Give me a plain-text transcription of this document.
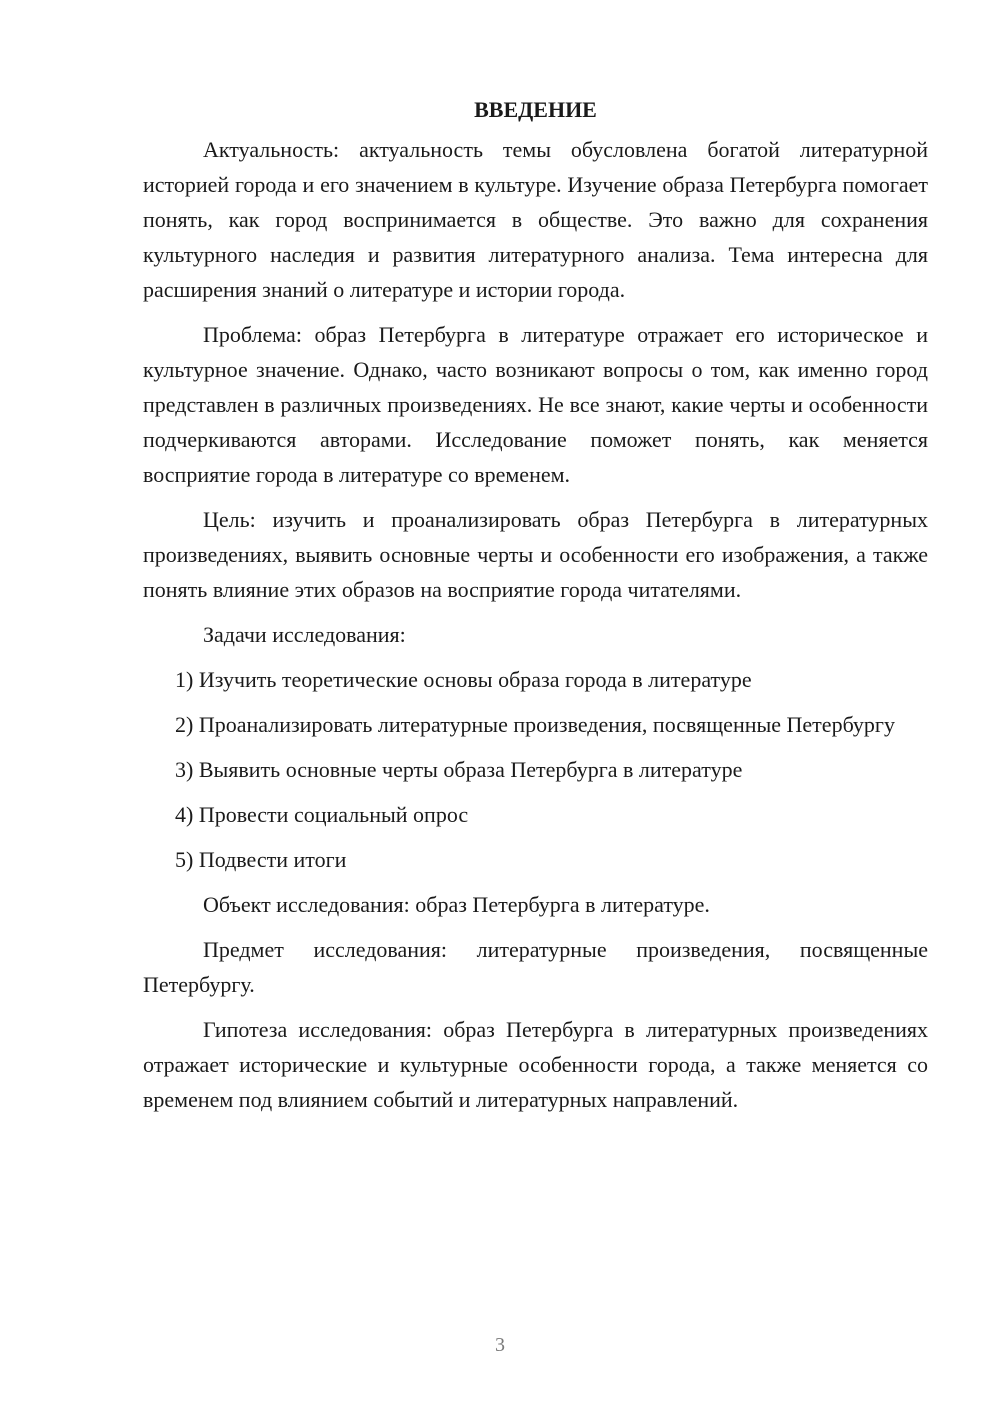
ВВЕДЕНИЕ

Актуальность: актуальность темы обусловлена богатой литературной историей города и его значением в культуре. Изучение образа Петербурга помогает понять, как город воспринимается в обществе. Это важно для сохранения культурного наследия и развития литературного анализа. Тема интересна для расширения знаний о литературе и истории города.

Проблема: образ Петербурга в литературе отражает его историческое и культурное значение. Однако, часто возникают вопросы о том, как именно город представлен в различных произведениях. Не все знают, какие черты и особенности подчеркиваются авторами. Исследование поможет понять, как меняется восприятие города в литературе со временем.

Цель: изучить и проанализировать образ Петербурга в литературных произведениях, выявить основные черты и особенности его изображения, а также понять влияние этих образов на восприятие города читателями.

Задачи исследования:

1) Изучить теоретические основы образа города в литературе

2) Проанализировать литературные произведения, посвященные Петербургу

3) Выявить основные черты образа Петербурга в литературе

4) Провести социальный опрос

5) Подвести итоги

Объект исследования: образ Петербурга в литературе.

Предмет исследования: литературные произведения, посвященные Петербургу.

Гипотеза исследования: образ Петербурга в литературных произведениях отражает исторические и культурные особенности города, а также меняется со временем под влиянием событий и литературных направлений.

3
